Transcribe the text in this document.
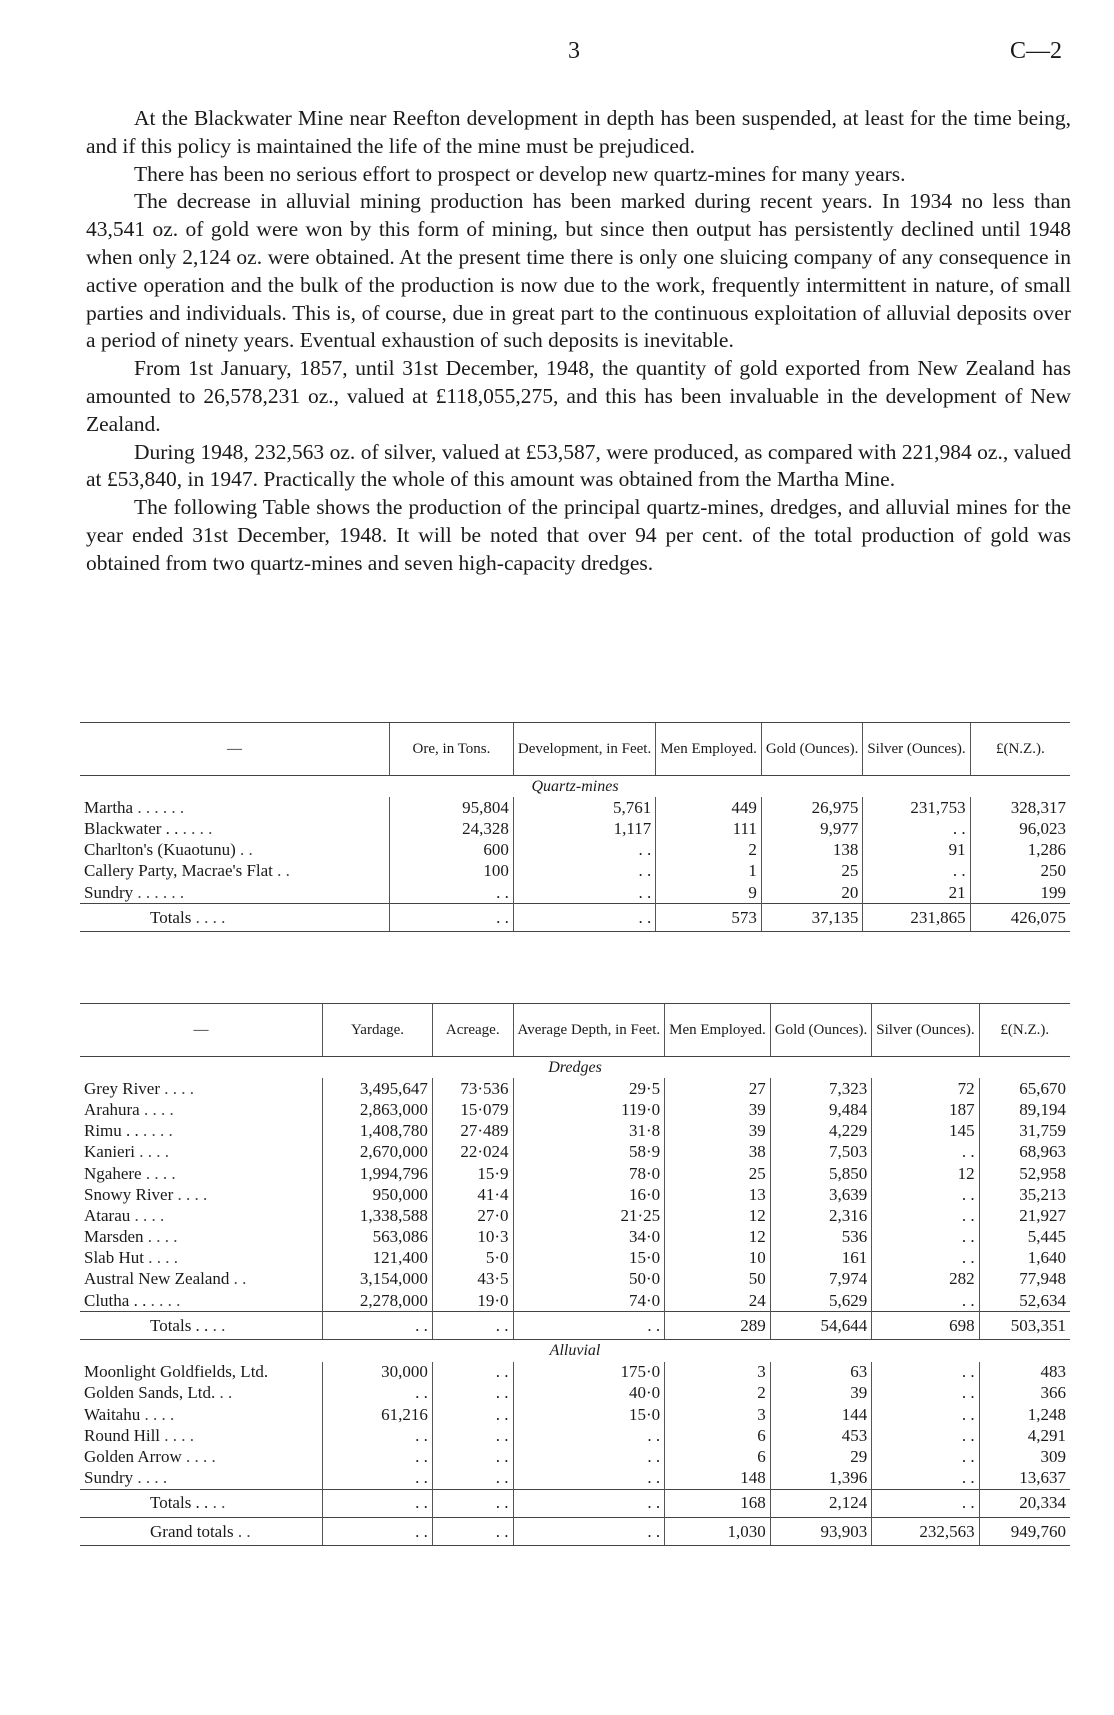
3	C—2

At the Blackwater Mine near Reefton development in depth has been suspended, at least for the time being, and if this policy is maintained the life of the mine must be prejudiced.

There has been no serious effort to prospect or develop new quartz-mines for many years.

The decrease in alluvial mining production has been marked during recent years. In 1934 no less than 43,541 oz. of gold were won by this form of mining, but since then output has persistently declined until 1948 when only 2,124 oz. were obtained. At the present time there is only one sluicing company of any consequence in active operation and the bulk of the production is now due to the work, frequently intermittent in nature, of small parties and individuals. This is, of course, due in great part to the continuous exploitation of alluvial deposits over a period of ninety years. Eventual exhaustion of such deposits is inevitable.

From 1st January, 1857, until 31st December, 1948, the quantity of gold exported from New Zealand has amounted to 26,578,231 oz., valued at £118,055,275, and this has been invaluable in the development of New Zealand.

During 1948, 232,563 oz. of silver, valued at £53,587, were produced, as compared with 221,984 oz., valued at £53,840, in 1947. Practically the whole of this amount was obtained from the Martha Mine.

The following Table shows the production of the principal quartz-mines, dredges, and alluvial mines for the year ended 31st December, 1948. It will be noted that over 94 per cent. of the total production of gold was obtained from two quartz-mines and seven high-capacity dredges.

—	Ore, in Tons.	Development, in Feet.	Men Employed.	Gold (Ounces).	Silver (Ounces).	£(N.Z.).
Quartz-mines						
Martha . . . . . .	95,804	5,761	449	26,975	231,753	328,317
Blackwater . . . . . .	24,328	1,117	111	9,977	. .	96,023
Charlton's (Kuaotunu) . .	600	. .	2	138	91	1,286
Callery Party, Macrae's Flat . .	100	. .	1	25	. .	250
Sundry . . . . . .	. .	. .	9	20	21	199
Totals . . . .	. .	. .	573	37,135	231,865	426,075
—	Yardage.	Acreage.	Average Depth, in Feet.	Men Employed.	Gold (Ounces).	Silver (Ounces).	£(N.Z.).
Dredges							
Grey River . . . .	3,495,647	73·536	29·5	27	7,323	72	65,670
Arahura . . . .	2,863,000	15·079	119·0	39	9,484	187	89,194
Rimu . . . . . .	1,408,780	27·489	31·8	39	4,229	145	31,759
Kanieri . . . .	2,670,000	22·024	58·9	38	7,503	. .	68,963
Ngahere . . . .	1,994,796	15·9	78·0	25	5,850	12	52,958
Snowy River . . . .	950,000	41·4	16·0	13	3,639	. .	35,213
Atarau . . . .	1,338,588	27·0	21·25	12	2,316	. .	21,927
Marsden . . . .	563,086	10·3	34·0	12	536	. .	5,445
Slab Hut . . . .	121,400	5·0	15·0	10	161	. .	1,640
Austral New Zealand . .	3,154,000	43·5	50·0	50	7,974	282	77,948
Clutha . . . . . .	2,278,000	19·0	74·0	24	5,629	. .	52,634
Totals . . . .	. .	. .	. .	289	54,644	698	503,351
Alluvial							
Moonlight Goldfields, Ltd.	30,000	. .	175·0	3	63	. .	483
Golden Sands, Ltd. . .	. .	. .	40·0	2	39	. .	366
Waitahu . . . .	61,216	. .	15·0	3	144	. .	1,248
Round Hill . . . .	. .	. .	. .	6	453	. .	4,291
Golden Arrow . . . .	. .	. .	. .	6	29	. .	309
Sundry . . . .	. .	. .	. .	148	1,396	. .	13,637
Totals . . . .	. .	. .	. .	168	2,124	. .	20,334
Grand totals . .	. .	. .	. .	1,030	93,903	232,563	949,760
